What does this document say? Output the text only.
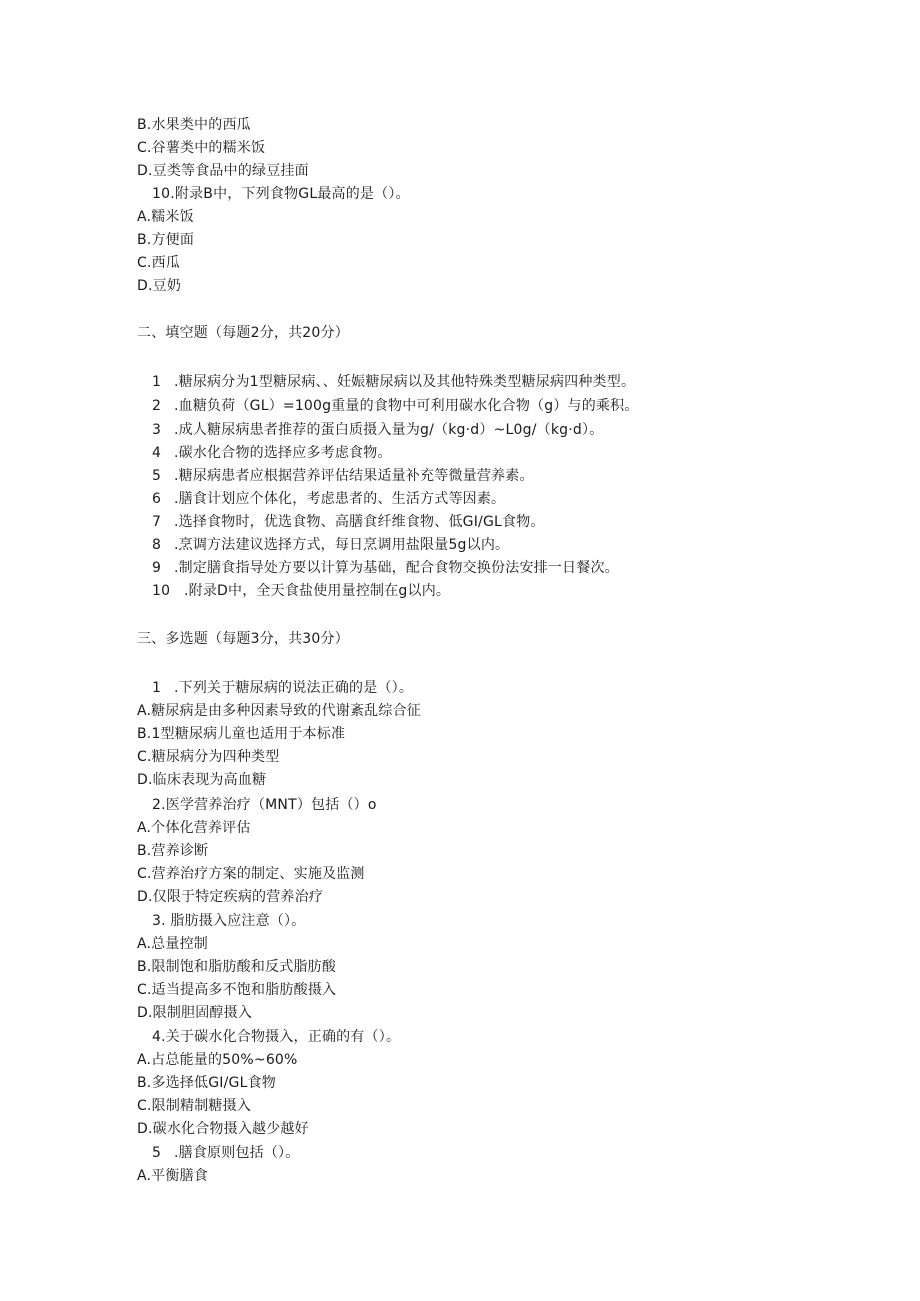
B.水果类中的西瓜
C.谷薯类中的糯米饭
D.豆类等食品中的绿豆挂面
10.附录B中，下列食物GL最高的是（）。
A.糯米饭
B.方便面
C.西瓜
D.豆奶
二、填空题（每题2分，共20分）
1 .糖尿病分为1型糖尿病、、妊娠糖尿病以及其他特殊类型糖尿病四种类型。
2 .血糖负荷（GL）=100g重量的食物中可利用碳水化合物（g）与的乘积。
3 .成人糖尿病患者推荐的蛋白质摄入量为g/（kg·d）~L0g/（kg·d）。
4 .碳水化合物的选择应多考虑食物。
5 .糖尿病患者应根据营养评估结果适量补充等微量营养素。
6 .膳食计划应个体化，考虑患者的、生活方式等因素。
7 .选择食物时，优选食物、高膳食纤维食物、低GI/GL食物。
8 .烹调方法建议选择方式，每日烹调用盐限量5g以内。
9 .制定膳食指导处方要以计算为基础，配合食物交换份法安排一日餐次。
10 .附录D中，全天食盐使用量控制在g以内。
三、多选题（每题3分，共30分）
1 .下列关于糖尿病的说法正确的是（）。
A.糖尿病是由多种因素导致的代谢紊乱综合征
B.1型糖尿病儿童也适用于本标准
C.糖尿病分为四种类型
D.临床表现为高血糖
2.医学营养治疗（MNT）包括（）o
A.个体化营养评估
B.营养诊断
C.营养治疗方案的制定、实施及监测
D.仅限于特定疾病的营养治疗
3. 脂肪摄入应注意（）。
A.总量控制
B.限制饱和脂肪酸和反式脂肪酸
C.适当提高多不饱和脂肪酸摄入
D.限制胆固醇摄入
4.关于碳水化合物摄入，正确的有（）。
A.占总能量的50%~60%
B.多选择低GI/GL食物
C.限制精制糖摄入
D.碳水化合物摄入越少越好
5 .膳食原则包括（）。
A.平衡膳食
